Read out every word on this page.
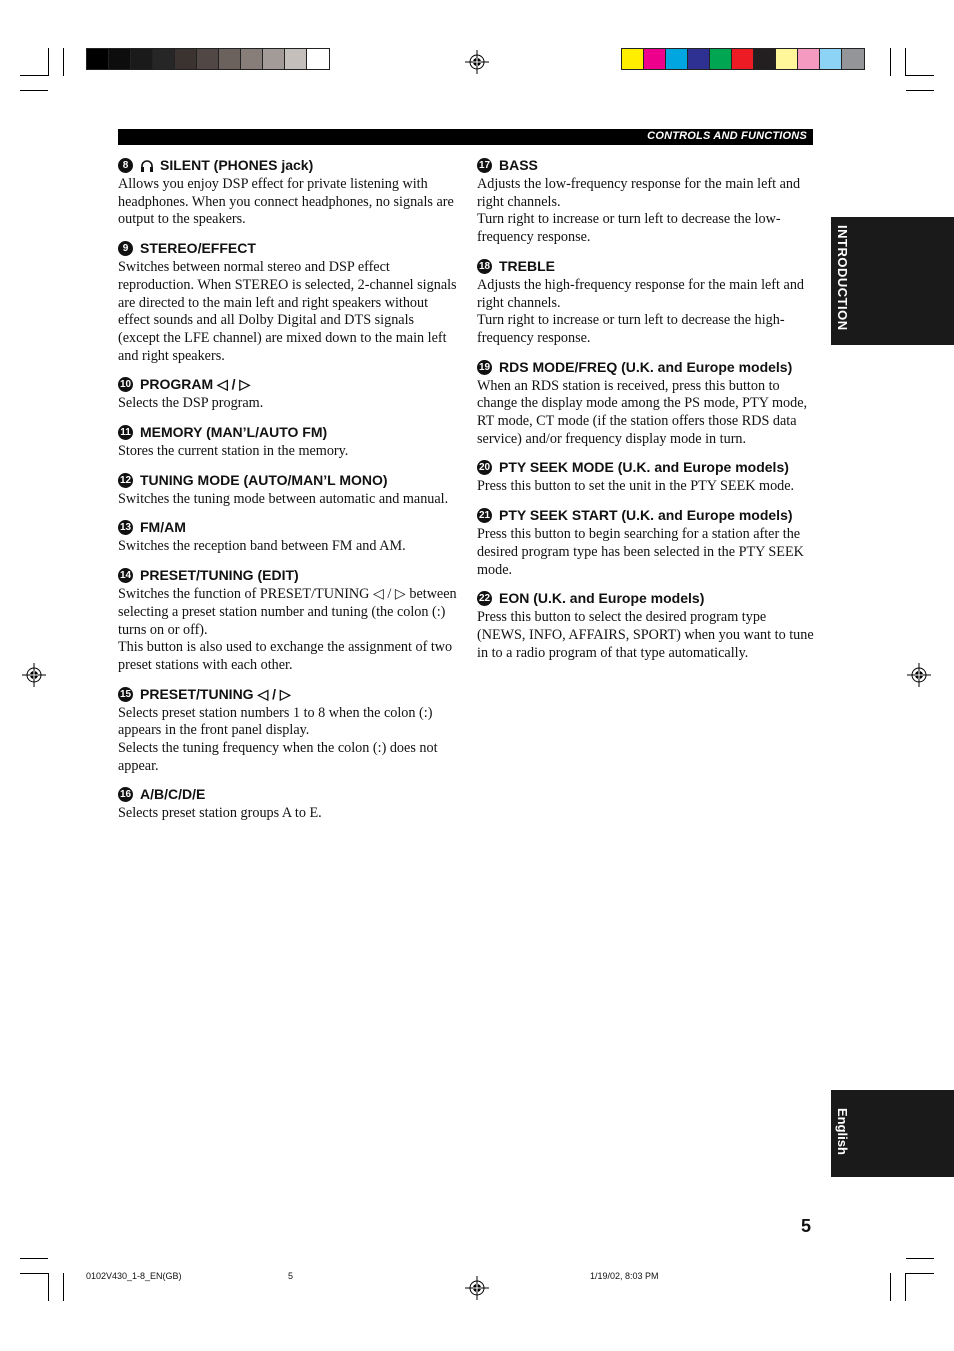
CONTROLS AND FUNCTIONS
8	SILENT (PHONES jack)

Allows you enjoy DSP effect for private listening with headphones. When you connect headphones, no signals are output to the speakers.

9 STEREO/EFFECT

Switches between normal stereo and DSP effect reproduction. When STEREO is selected, 2-channel signals are directed to the main left and right speakers without effect sounds and all Dolby Digital and DTS signals (except the LFE channel) are mixed down to the main left and right speakers.

10 PROGRAM ◁ / ▷

Selects the DSP program.

11 MEMORY (MAN’L/AUTO FM)

Stores the current station in the memory.

12 TUNING MODE (AUTO/MAN’L MONO)

Switches the tuning mode between automatic and manual.

13 FM/AM

Switches the reception band between FM and AM.

14 PRESET/TUNING (EDIT)

Switches the function of PRESET/TUNING ◁ / ▷ between selecting a preset station number and tuning (the colon (:) turns on or off).

This button is also used to exchange the assignment of two preset stations with each other.

15 PRESET/TUNING ◁ / ▷

Selects preset station numbers 1 to 8 when the colon (:) appears in the front panel display.

Selects the tuning frequency when the colon (:) does not appear.

16 A/B/C/D/E

Selects preset station groups A to E.

17 BASS

Adjusts the low-frequency response for the main left and right channels.

Turn right to increase or turn left to decrease the low-frequency response.

18 TREBLE

Adjusts the high-frequency response for the main left and right channels.

Turn right to increase or turn left to decrease the high-frequency response.

19 RDS MODE/FREQ (U.K. and Europe models)

When an RDS station is received, press this button to change the display mode among the PS mode, PTY mode, RT mode, CT mode (if the station offers those RDS data service) and/or frequency display mode in turn.

20 PTY SEEK MODE (U.K. and Europe models)

Press this button to set the unit in the PTY SEEK mode.

21 PTY SEEK START (U.K. and Europe models)

Press this button to begin searching for a station after the desired program type has been selected in the PTY SEEK mode.

22 EON (U.K. and Europe models)

Press this button to select the desired program type (NEWS, INFO, AFFAIRS, SPORT) when you want to tune in to a radio program of that type automatically.

INTRODUCTION
English
5
0102V430_1-8_EN(GB)	5	1/19/02, 8:03 PM
